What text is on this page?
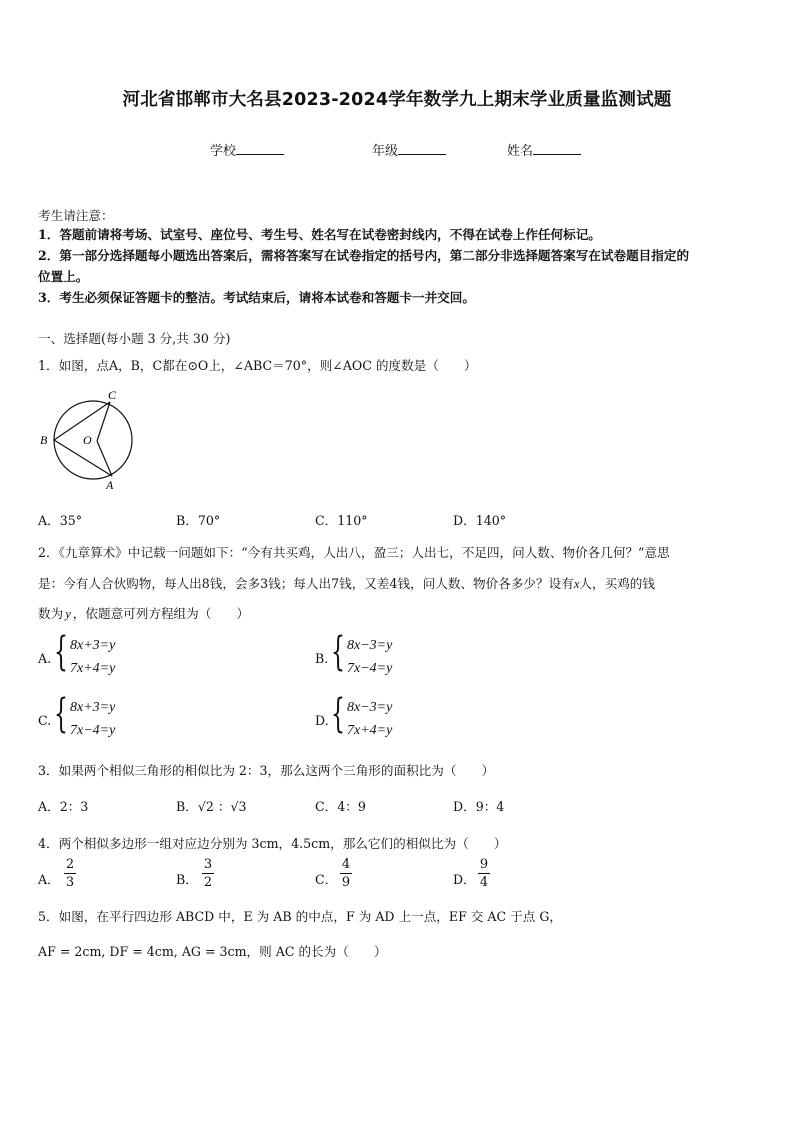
河北省邯郸市大名县2023-2024学年数学九上期末学业质量监测试题
学校	年级	姓名
考生请注意：
1．答题前请将考场、试室号、座位号、考生号、姓名写在试卷密封线内，不得在试卷上作任何标记。
2．第一部分选择题每小题选出答案后，需将答案写在试卷指定的括号内，第二部分非选择题答案写在试卷题目指定的
位置上。
3．考生必须保证答题卡的整洁。考试结束后，请将本试卷和答题卡一并交回。
一、选择题(每小题 3 分,共 30 分)
1．如图，点A，B，C都在⊙O上，∠ABC＝70°，则∠AOC 的度数是（　　）
C
B	O
A
A．35°	B．70°	C．110°	D．140°
2．《九章算术》中记载一问题如下：“今有共买鸡，人出八，盈三；人出七，不足四，问人数、物价各几何？”意思
是：今有人合伙购物，每人出8钱，会多3钱；每人出7钱，又差4钱，问人数、物价各多少？设有x人，买鸡的钱
数为 y ，依题意可列方程组为（　　）
A. { 8x+3=y
7x+4=y
B. { 8x−3=y
7x−4=y
C. { 8x+3=y
7x−4=y
D. { 8x−3=y
7x+4=y
3．如果两个相似三角形的相似比为 2：3，那么这两个三角形的面积比为（　　）
A．2：3	B．√2 ：√3	C．4：9	D．9：4
4．两个相似多边形一组对应边分别为 3cm，4.5cm，那么它们的相似比为（　　）
A．
2
3	B．
3
2	C．
4
9	D．
9
4
5．如图，在平行四边形 ABCD 中，E 为 AB 的中点，F 为 AD 上一点，EF 交 AC 于点 G，
AF = 2cm, DF = 4cm, AG = 3cm，则 AC 的长为（　　）
